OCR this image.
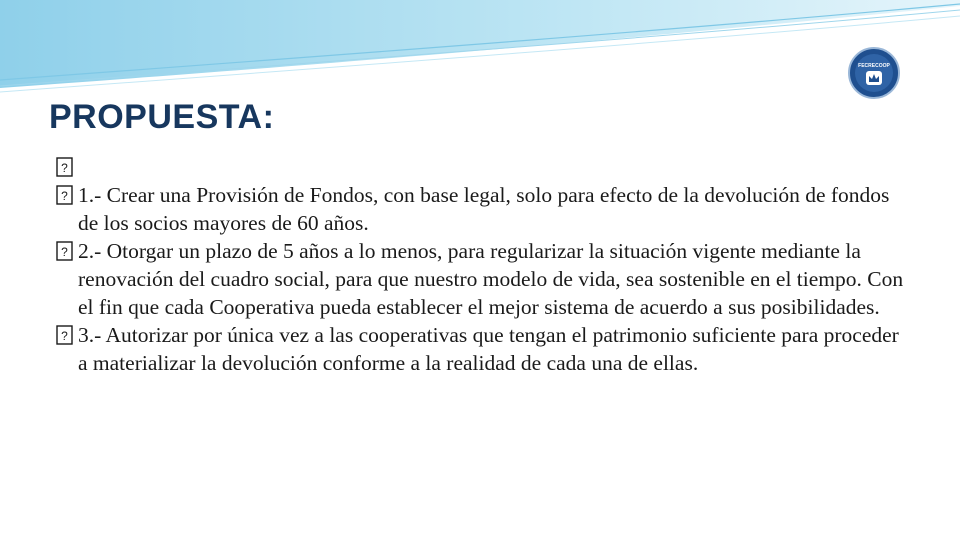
FECRECOOP
PROPUESTA:
?

? 1.- Crear una Provisión de Fondos, con base legal, solo para efecto de la devolución de fondos de los socios mayores de 60 años.

? 2.- Otorgar un plazo de 5 años a lo menos, para regularizar la situación vigente mediante la renovación del cuadro social, para que nuestro modelo de vida, sea sostenible en el tiempo. Con el fin que cada Cooperativa pueda establecer el mejor sistema de acuerdo a sus posibilidades.

? 3.- Autorizar por única vez a las cooperativas que tengan el patrimonio suficiente para proceder a materializar la devolución conforme a la realidad de cada una de ellas.
